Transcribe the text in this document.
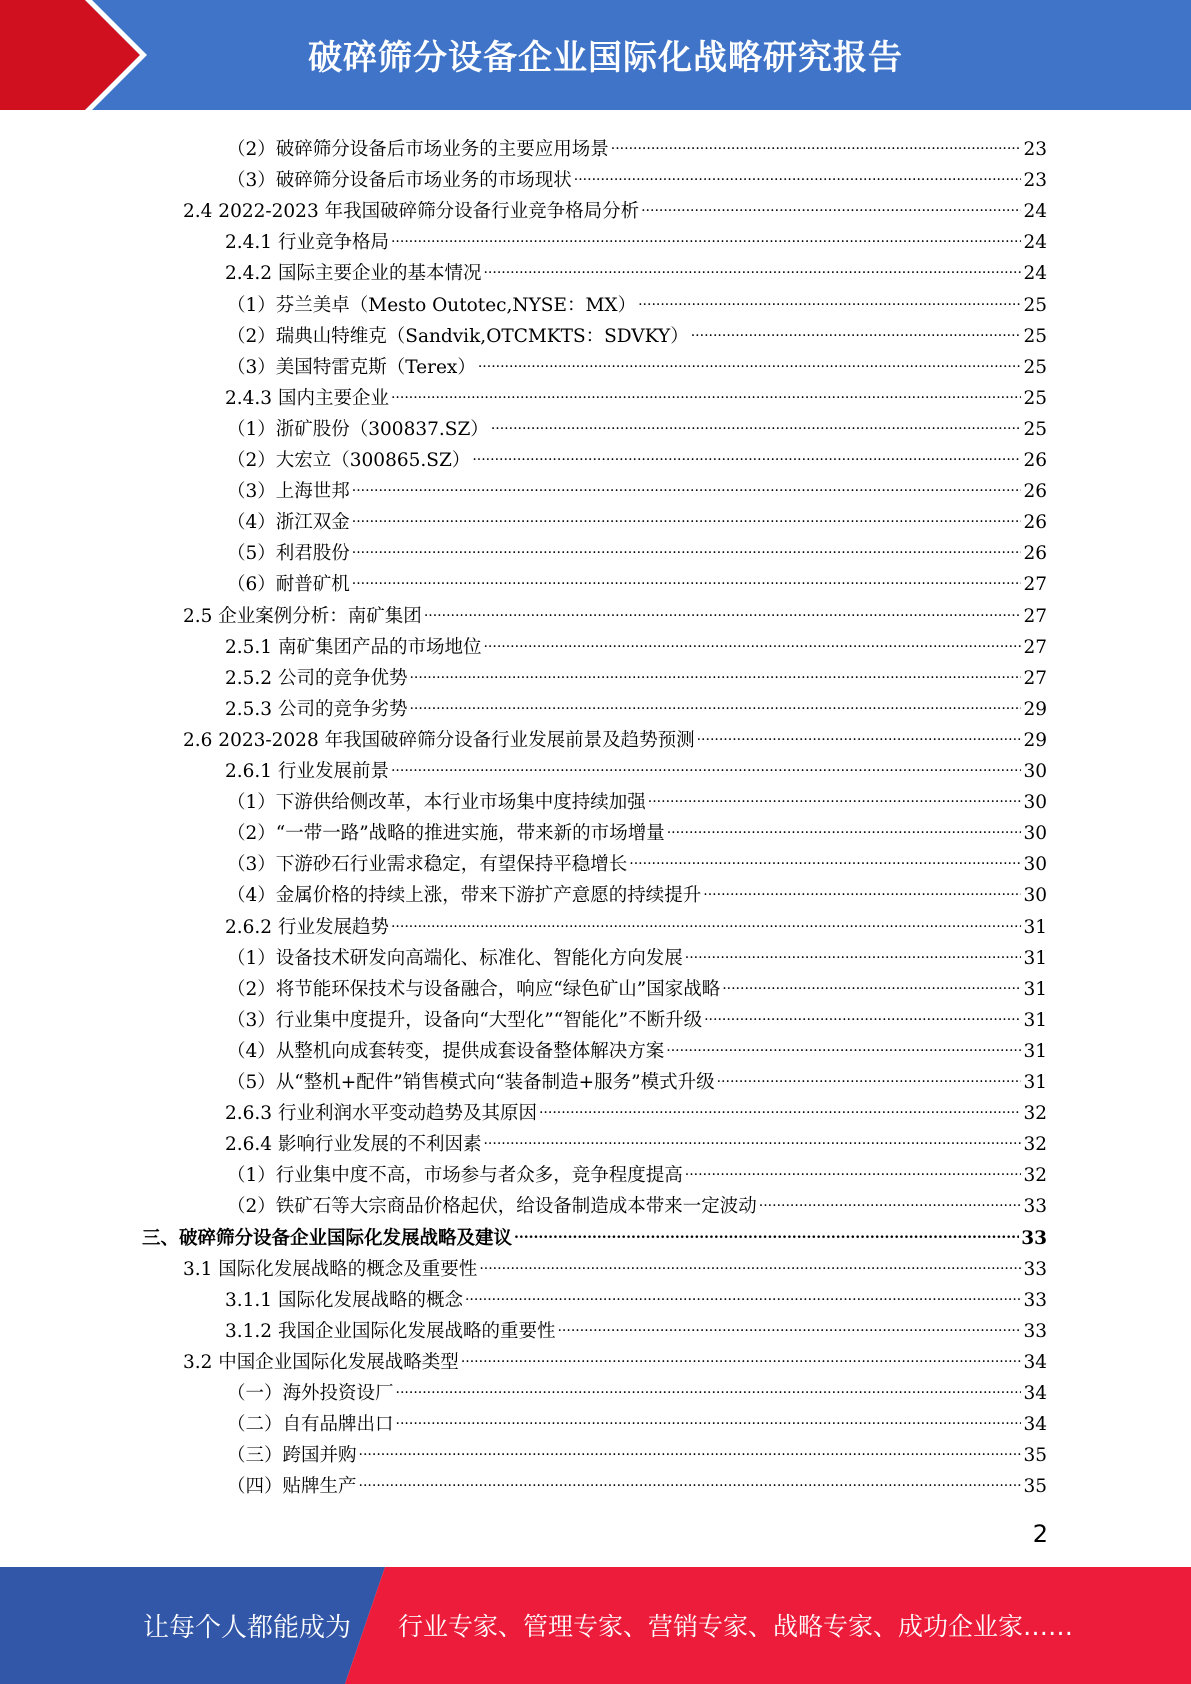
破碎筛分设备企业国际化战略研究报告
（2）破碎筛分设备后市场业务的主要应用场景 .....	23
（3）破碎筛分设备后市场业务的市场现状 .....	23
2.4 2022-2023 年我国破碎筛分设备行业竞争格局分析 .....	24
2.4.1 行业竞争格局 .....	24
2.4.2 国际主要企业的基本情况 .....	24
（1）芬兰美卓（Mesto Outotec,NYSE：MX） .....	25
（2）瑞典山特维克（Sandvik,OTCMKTS：SDVKY） .....	25
（3）美国特雷克斯（Terex） .....	25
2.4.3 国内主要企业 .....	25
（1）浙矿股份（300837.SZ） .....	25
（2）大宏立（300865.SZ） .....	26
（3）上海世邦 .....	26
（4）浙江双金 .....	26
（5）利君股份 .....	26
（6）耐普矿机 .....	27
2.5 企业案例分析：南矿集团 .....	27
2.5.1 南矿集团产品的市场地位 .....	27
2.5.2 公司的竞争优势 .....	27
2.5.3 公司的竞争劣势 .....	29
2.6 2023-2028 年我国破碎筛分设备行业发展前景及趋势预测 .....	29
2.6.1 行业发展前景 .....	30
（1）下游供给侧改革，本行业市场集中度持续加强 .....	30
（2）“一带一路”战略的推进实施，带来新的市场增量 .....	30
（3）下游砂石行业需求稳定，有望保持平稳增长 .....	30
（4）金属价格的持续上涨，带来下游扩产意愿的持续提升 .....	30
2.6.2 行业发展趋势 .....	31
（1）设备技术研发向高端化、标准化、智能化方向发展 .....	31
（2）将节能环保技术与设备融合，响应“绿色矿山”国家战略 .....	31
（3）行业集中度提升，设备向“大型化”“智能化”不断升级 .....	31
（4）从整机向成套转变，提供成套设备整体解决方案 .....	31
（5）从“整机+配件”销售模式向“装备制造+服务”模式升级 .....	31
2.6.3 行业利润水平变动趋势及其原因 .....	32
2.6.4 影响行业发展的不利因素 .....	32
（1）行业集中度不高，市场参与者众多，竞争程度提高 .....	32
（2）铁矿石等大宗商品价格起伏，给设备制造成本带来一定波动 .....	33
三、破碎筛分设备企业国际化发展战略及建议 .....	33
3.1 国际化发展战略的概念及重要性 .....	33
3.1.1 国际化发展战略的概念 .....	33
3.1.2 我国企业国际化发展战略的重要性 .....	33
3.2 中国企业国际化发展战略类型 .....	34
（一）海外投资设厂 .....	34
（二）自有品牌出口 .....	34
（三）跨国并购 .....	35
（四）贴牌生产 .....	35
2
让每个人都能成为 行业专家、管理专家、营销专家、战略专家、成功企业家……
